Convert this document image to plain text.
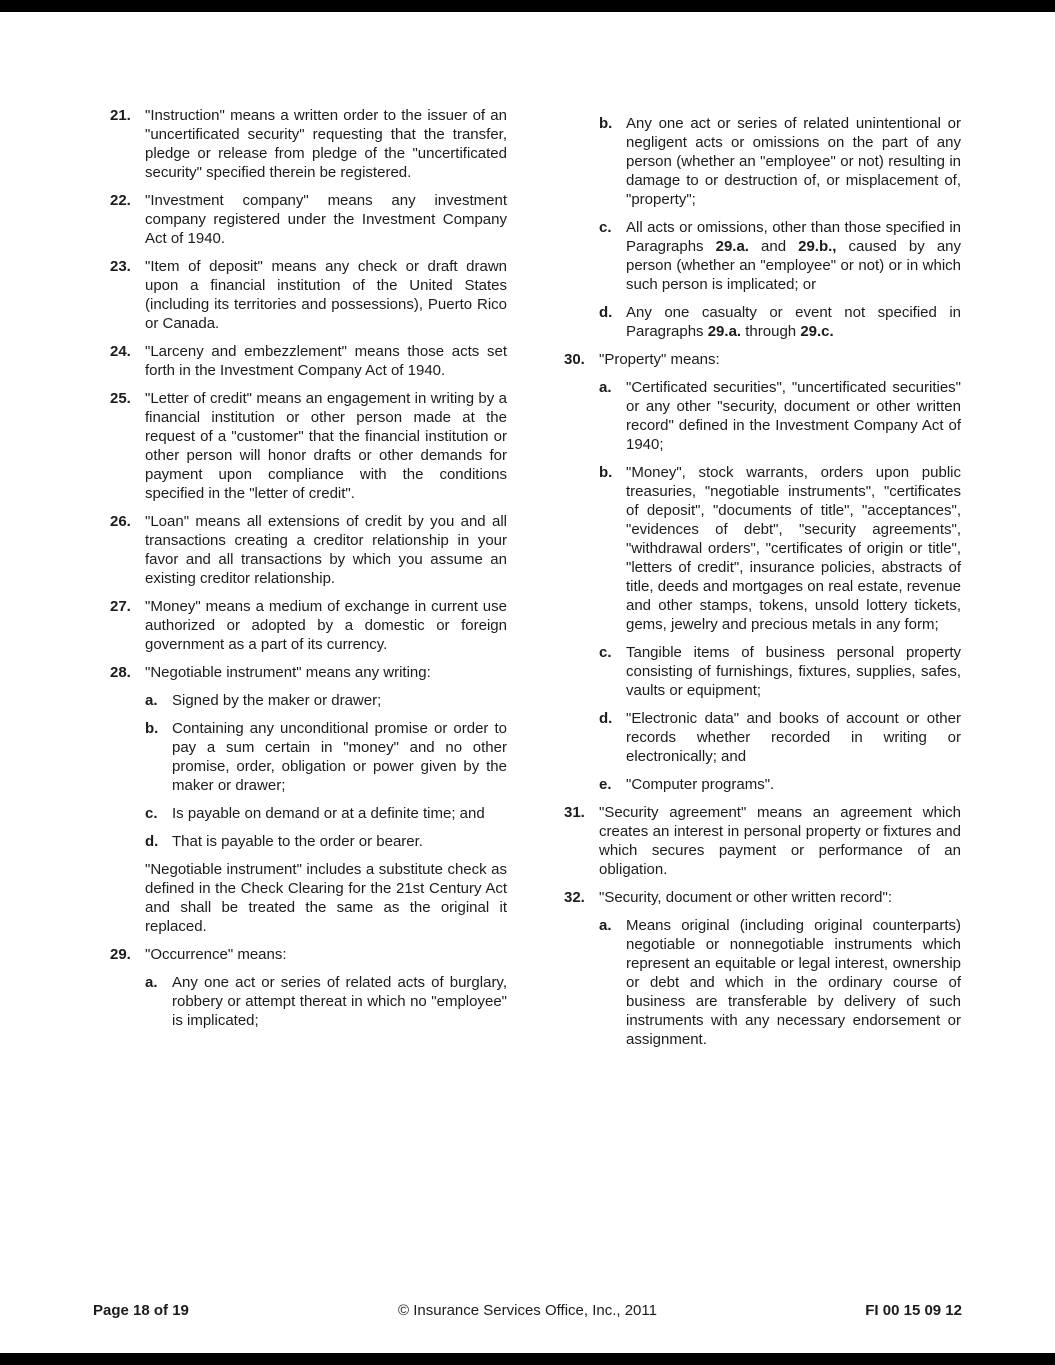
21. "Instruction" means a written order to the issuer of an "uncertificated security" requesting that the transfer, pledge or release from pledge of the "uncertificated security" specified therein be registered.
22. "Investment company" means any investment company registered under the Investment Company Act of 1940.
23. "Item of deposit" means any check or draft drawn upon a financial institution of the United States (including its territories and possessions), Puerto Rico or Canada.
24. "Larceny and embezzlement" means those acts set forth in the Investment Company Act of 1940.
25. "Letter of credit" means an engagement in writing by a financial institution or other person made at the request of a "customer" that the financial institution or other person will honor drafts or other demands for payment upon compliance with the conditions specified in the "letter of credit".
26. "Loan" means all extensions of credit by you and all transactions creating a creditor relationship in your favor and all transactions by which you assume an existing creditor relationship.
27. "Money" means a medium of exchange in current use authorized or adopted by a domestic or foreign government as a part of its currency.
28. "Negotiable instrument" means any writing:
a. Signed by the maker or drawer;
b. Containing any unconditional promise or order to pay a sum certain in "money" and no other promise, order, obligation or power given by the maker or drawer;
c. Is payable on demand or at a definite time; and
d. That is payable to the order or bearer.
"Negotiable instrument" includes a substitute check as defined in the Check Clearing for the 21st Century Act and shall be treated the same as the original it replaced.
29. "Occurrence" means:
a. Any one act or series of related acts of burglary, robbery or attempt thereat in which no "employee" is implicated;
b. Any one act or series of related unintentional or negligent acts or omissions on the part of any person (whether an "employee" or not) resulting in damage to or destruction of, or misplacement of, "property";
c. All acts or omissions, other than those specified in Paragraphs 29.a. and 29.b., caused by any person (whether an "employee" or not) or in which such person is implicated; or
d. Any one casualty or event not specified in Paragraphs 29.a. through 29.c.
30. "Property" means:
a. "Certificated securities", "uncertificated securities" or any other "security, document or other written record" defined in the Investment Company Act of 1940;
b. "Money", stock warrants, orders upon public treasuries, "negotiable instruments", "certificates of deposit", "documents of title", "acceptances", "evidences of debt", "security agreements", "withdrawal orders", "certificates of origin or title", "letters of credit", insurance policies, abstracts of title, deeds and mortgages on real estate, revenue and other stamps, tokens, unsold lottery tickets, gems, jewelry and precious metals in any form;
c. Tangible items of business personal property consisting of furnishings, fixtures, supplies, safes, vaults or equipment;
d. "Electronic data" and books of account or other records whether recorded in writing or electronically; and
e. "Computer programs".
31. "Security agreement" means an agreement which creates an interest in personal property or fixtures and which secures payment or performance of an obligation.
32. "Security, document or other written record":
a. Means original (including original counterparts) negotiable or nonnegotiable instruments which represent an equitable or legal interest, ownership or debt and which in the ordinary course of business are transferable by delivery of such instruments with any necessary endorsement or assignment.
Page 18 of 19	© Insurance Services Office, Inc., 2011	FI 00 15 09 12
